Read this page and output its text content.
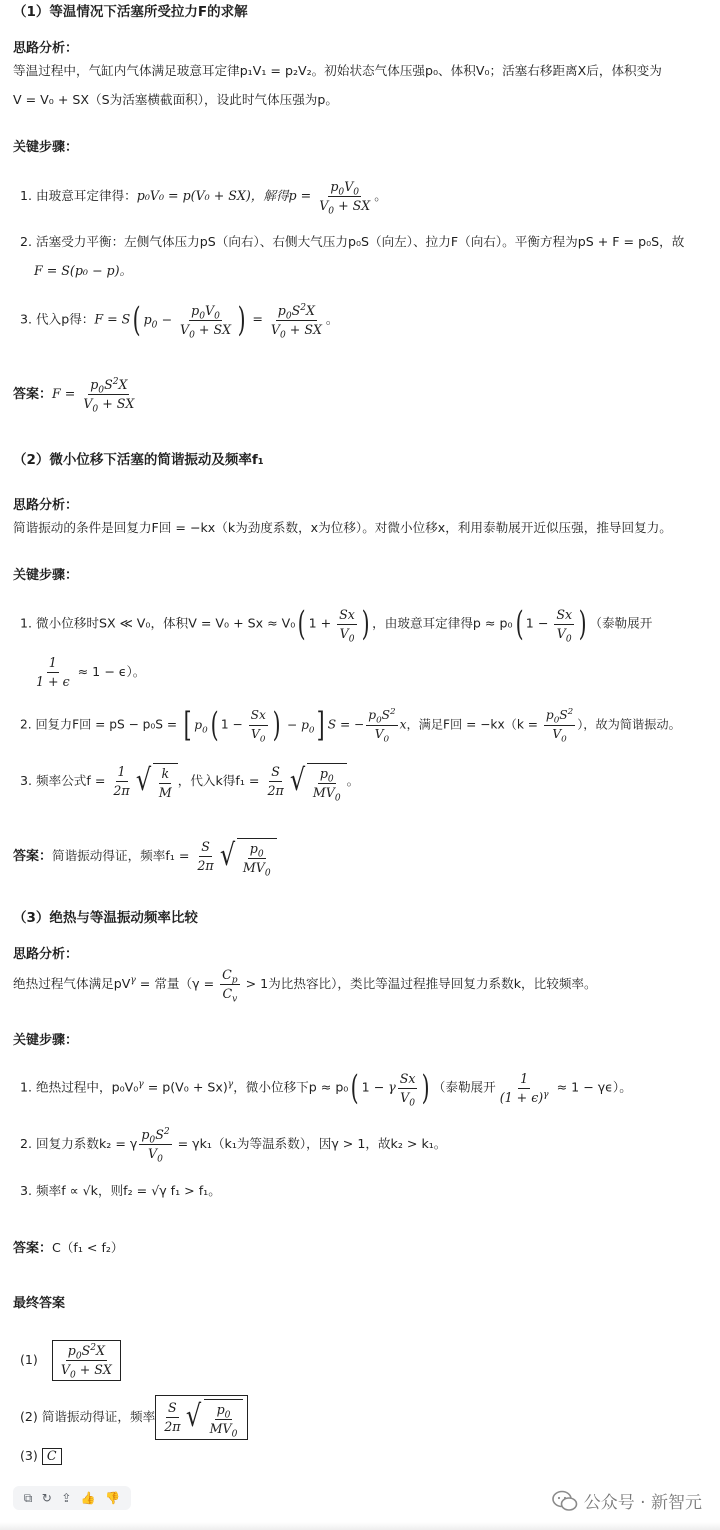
（1）等温情况下活塞所受拉力F的求解
思路分析：
等温过程中，气缸内气体满足玻意耳定律p₁V₁ = p₂V₂。初始状态气体压强p₀、体积V₀；活塞右移距离X后，体积变为
V = V₀ + SX（S为活塞横截面积），设此时气体压强为p。
关键步骤：
1. 由玻意耳定律得：p₀V₀ = p(V₀ + SX)，解得$p = \frac{p_0V_0}{V_0 + SX}$ 。
2. 活塞受力平衡：左侧气体压力pS（向右）、右侧大气压力p₀S（向左）、拉力F（向右）。平衡方程为pS + F = p₀S，故
F = S(p₀ − p)。
3. 代入p得：F = S( $p_0 - \frac{p_0V_0}{V_0 + SX}$ ) = $\frac{p_0S^2X}{V_0 + SX}$ 。
答案：$F = \frac{p_0S^2X}{V_0 + SX}$
（2）微小位移下活塞的简谐振动及频率f₁
思路分析：
简谐振动的条件是回复力F回 = −kx（k为劲度系数，x为位移）。对微小位移x，利用泰勒展开近似压强，推导回复力。
关键步骤：
1. 微小位移时SX ≪ V₀，体积V = V₀ + Sx ≈ V₀( $1 + \frac{Sx}{V_0}$ ) ，由玻意耳定律得p ≈ p₀( $1 - \frac{Sx}{V_0}$ ) （泰勒展开
$\frac{1}{1 + \epsilon} \approx 1 - \epsilon$）。
2. 回复力F回 = pS − p₀S = [ $p_0$( $1 - \frac{Sx}{V_0}$ ) − $p_0$] S = − $\frac{p_0S^2}{V_0}$ x，满足F回 = $-kx(k = \frac{p_0S^2}{V_0}$ ），故为简谐振动。
3. 频率公式$f = \frac{1}{2\pi}$ √ $\frac{k}{M}$ ，代入k得$f_1 = \frac{S}{2\pi}$ √ $\frac{p_0}{MV_0}$ 。
答案：简谐振动得证，频率$f_1 = \frac{S}{2\pi}$ √ $\frac{p_0}{MV_0}$
（3）绝热与等温振动频率比较
思路分析：
绝热过程气体满足$pV^\gamma$ = 常量（$\gamma = \frac{C_p}{C_v} > 1$为比热容比），类比等温过程推导回复力系数k，比较频率。
关键步骤：
1. 绝热过程中，$p_0V_0^\gamma = p(V_0 + Sx)^\gamma$，微小位移下p ≈ p₀( 1 − γ $\frac{Sx}{V_0}$ ) （泰勒展开 $\frac{1}{(1 + \epsilon)^\gamma} \approx 1 - \gamma\epsilon$）。
2. 回复力系数k₂ = γ $\frac{p_0S^2}{V_0} = \gamma k_1(k_1$为等温系数），因γ > 1，故k₂ > k₁。
3. 频率f ∝ √k，则f₂ = √γ f₁ > f₁。
答案：C（f₁ < f₂）
最终答案
$(1) \frac{p_0S^2X}{V_0 + SX}$
(2) 简谐振动得证，频率 $\frac{S}{2\pi}$ √ $\frac{p_0}{MV_0}$
(3) C
⧉ ↻ ⇪ 👍 👎	公众号 · 新智元
